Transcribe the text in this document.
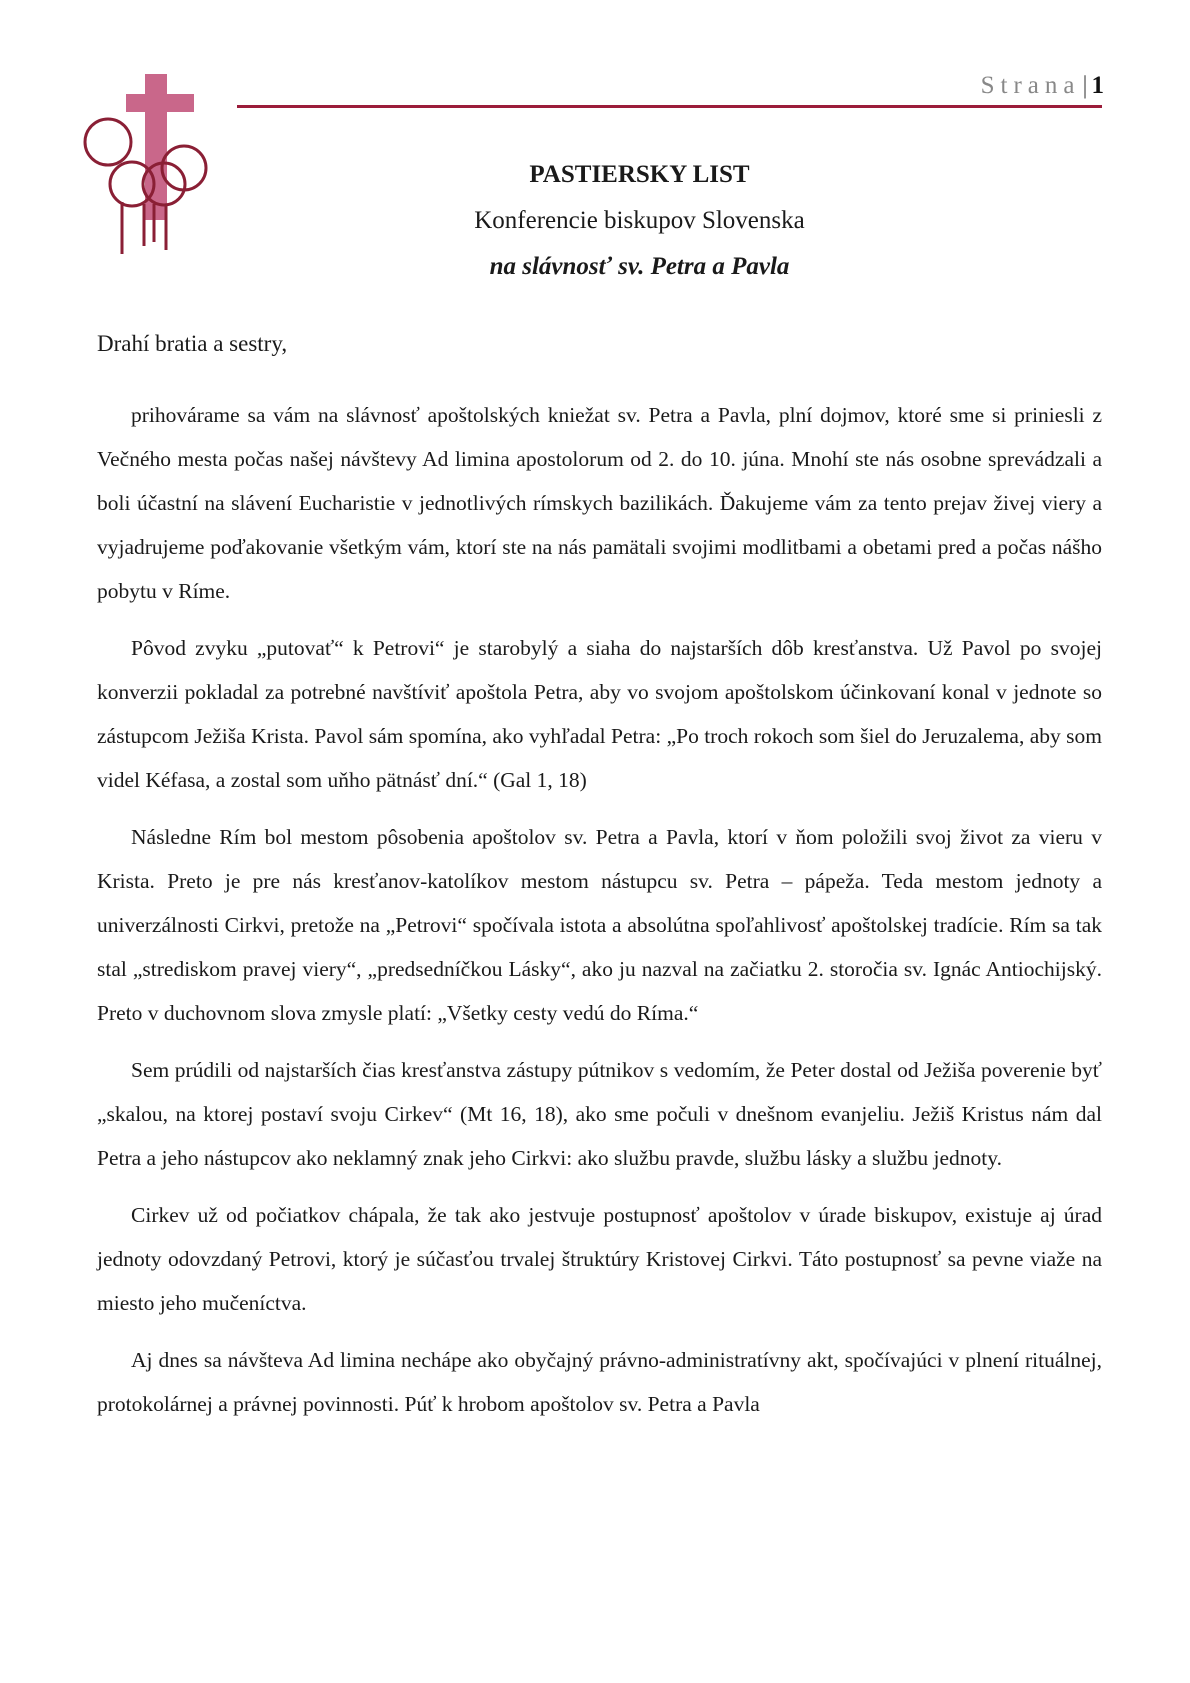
Strana| 1
PASTIERSKY LIST
Konferencie biskupov Slovenska
na slávnosť sv. Petra a Pavla
Drahí bratia a sestry,

prihovárame sa vám na slávnosť apoštolských kniežat sv. Petra a Pavla, plní dojmov, ktoré sme si priniesli z Večného mesta počas našej návštevy Ad limina apostolorum od 2. do 10. júna. Mnohí ste nás osobne sprevádzali a boli účastní na slávení Eucharistie v jednotlivých rímskych bazilikách. Ďakujeme vám za tento prejav živej viery a vyjadrujeme poďakovanie všetkým vám, ktorí ste na nás pamätali svojimi modlitbami a obetami pred a počas nášho pobytu v Ríme.

Pôvod zvyku „putovať“ k Petrovi“ je starobylý a siaha do najstarších dôb kresťanstva. Už Pavol po svojej konverzii pokladal za potrebné navštíviť apoštola Petra, aby vo svojom apoštolskom účinkovaní konal v jednote so zástupcom Ježiša Krista. Pavol sám spomína, ako vyhľadal Petra: „Po troch rokoch som šiel do Jeruzalema, aby som videl Kéfasa, a zostal som uňho pätnásť dní.“ (Gal 1, 18)

Následne Rím bol mestom pôsobenia apoštolov sv. Petra a Pavla, ktorí v ňom položili svoj život za vieru v Krista. Preto je pre nás kresťanov-katolíkov mestom nástupcu sv. Petra – pápeža. Teda mestom jednoty a univerzálnosti Cirkvi, pretože na „Petrovi“ spočívala istota a absolútna spoľahlivosť apoštolskej tradície. Rím sa tak stal „strediskom pravej viery“, „predsedníčkou Lásky“, ako ju nazval na začiatku 2. storočia sv. Ignác Antiochijský. Preto v duchovnom slova zmysle platí: „Všetky cesty vedú do Ríma.“

Sem prúdili od najstarších čias kresťanstva zástupy pútnikov s vedomím, že Peter dostal od Ježiša poverenie byť „skalou, na ktorej postaví svoju Cirkev“ (Mt 16, 18), ako sme počuli v dnešnom evanjeliu. Ježiš Kristus nám dal Petra a jeho nástupcov ako neklamný znak jeho Cirkvi: ako službu pravde, službu lásky a službu jednoty.

Cirkev už od počiatkov chápala, že tak ako jestvuje postupnosť apoštolov v úrade biskupov, existuje aj úrad jednoty odovzdaný Petrovi, ktorý je súčasťou trvalej štruktúry Kristovej Cirkvi. Táto postupnosť sa pevne viaže na miesto jeho mučeníctva.

Aj dnes sa návšteva Ad limina nechápe ako obyčajný právno-administratívny akt, spočívajúci v plnení rituálnej, protokolárnej a právnej povinnosti. Púť k hrobom apoštolov sv. Petra a Pavla
